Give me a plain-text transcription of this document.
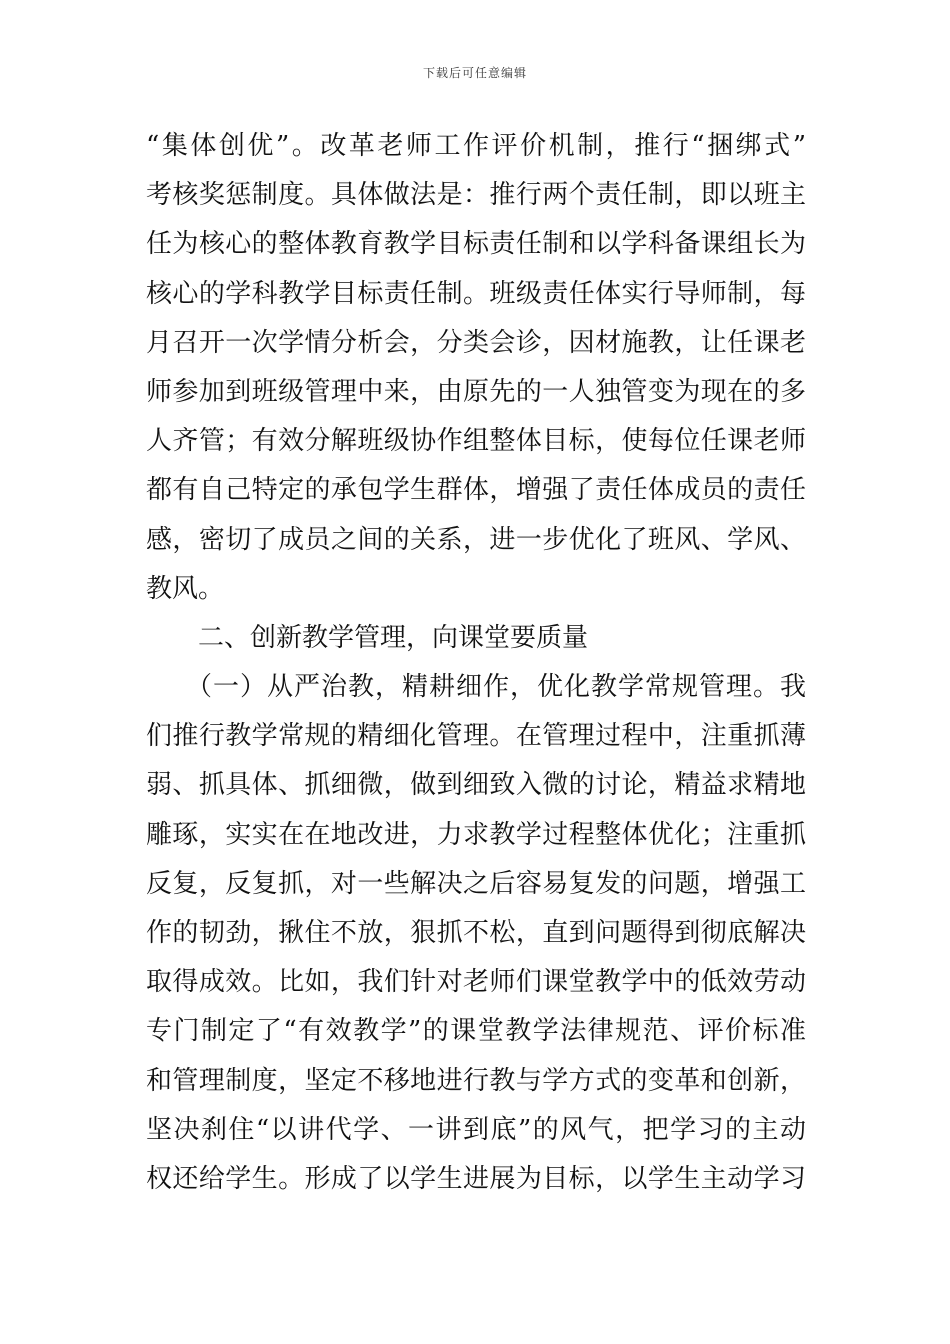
下载后可任意编辑
“集体创优”。改革老师工作评价机制，推行“捆绑式”
考核奖惩制度。具体做法是：推行两个责任制，即以班主
任为核心的整体教育教学目标责任制和以学科备课组长为
核心的学科教学目标责任制。班级责任体实行导师制，每
月召开一次学情分析会，分类会诊，因材施教，让任课老
师参加到班级管理中来，由原先的一人独管变为现在的多
人齐管；有效分解班级协作组整体目标，使每位任课老师
都有自己特定的承包学生群体，增强了责任体成员的责任
感，密切了成员之间的关系，进一步优化了班风、学风、
教风。
二、创新教学管理，向课堂要质量
（一）从严治教，精耕细作，优化教学常规管理。我
们推行教学常规的精细化管理。在管理过程中，注重抓薄
弱、抓具体、抓细微，做到细致入微的讨论，精益求精地
雕琢，实实在在地改进，力求教学过程整体优化；注重抓
反复，反复抓，对一些解决之后容易复发的问题，增强工
作的韧劲，揪住不放，狠抓不松，直到问题得到彻底解决
取得成效。比如，我们针对老师们课堂教学中的低效劳动
专门制定了“有效教学”的课堂教学法律规范、评价标准
和管理制度，坚定不移地进行教与学方式的变革和创新，
坚决刹住“以讲代学、一讲到底”的风气，把学习的主动
权还给学生。形成了以学生进展为目标，以学生主动学习
